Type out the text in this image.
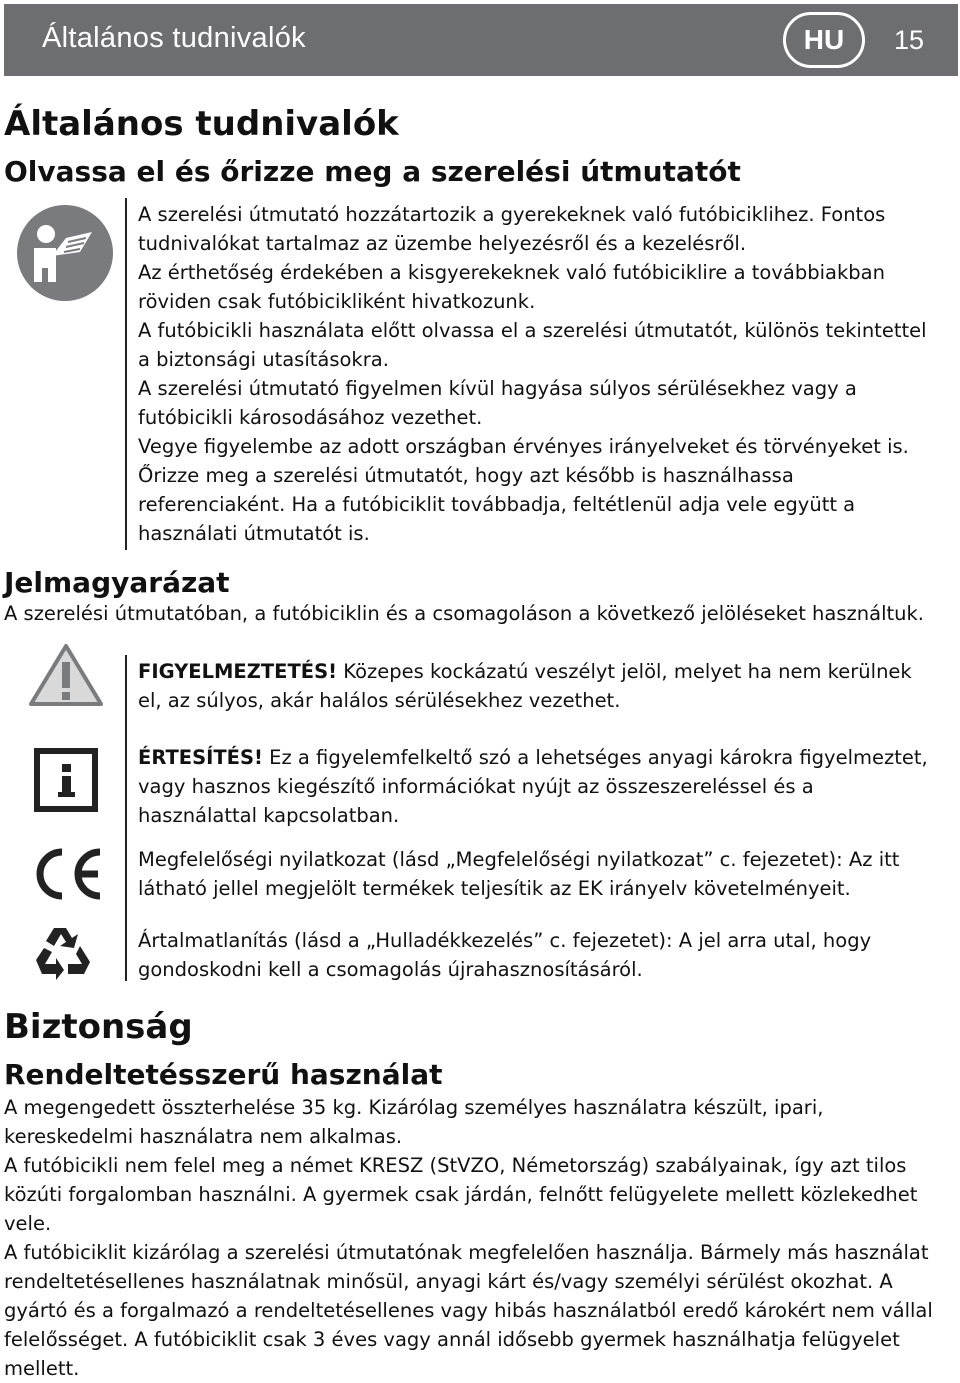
Általános tudnivalók	HU	15
Általános tudnivalók
Olvassa el és őrizze meg a szerelési útmutatót

A szerelési útmutató hozzátartozik a gyerekeknek való futóbiciklihez. Fontos tudnivalókat tartalmaz az üzembe helyezésről és a kezelésről.

Az érthetőség érdekében a kisgyerekeknek való futóbiciklire a továbbiakban röviden csak futóbicikliként hivatkozunk.

A futóbicikli használata előtt olvassa el a szerelési útmutatót, különös tekintettel a biztonsági utasításokra.

A szerelési útmutató figyelmen kívül hagyása súlyos sérülésekhez vagy a futóbicikli károsodásához vezethet.

Vegye figyelembe az adott országban érvényes irányelveket és törvényeket is.

Őrizze meg a szerelési útmutatót, hogy azt később is használhassa referenciaként. Ha a futóbiciklit továbbadja, feltétlenül adja vele együtt a használati útmutatót is.

Jelmagyarázat

A szerelési útmutatóban, a futóbiciklin és a csomagoláson a következő jelöléseket használtuk.

FIGYELMEZTETÉS! Közepes kockázatú veszélyt jelöl, melyet ha nem kerülnek el, az súlyos, akár halálos sérülésekhez vezethet.

ÉRTESÍTÉS! Ez a figyelemfelkeltő szó a lehetséges anyagi károkra figyelmeztet, vagy hasznos kiegészítő információkat nyújt az összeszereléssel és a használattal kapcsolatban.

Megfelelőségi nyilatkozat (lásd „Megfelelőségi nyilatkozat” c. fejezetet): Az itt látható jellel megjelölt termékek teljesítik az EK irányelv követelményeit.

Ártalmatlanítás (lásd a „Hulladékkezelés” c. fejezetet): A jel arra utal, hogy gondoskodni kell a csomagolás újrahasznosításáról.

Biztonság
Rendeltetésszerű használat

A megengedett összterhelése 35 kg. Kizárólag személyes használatra készült, ipari, kereskedelmi használatra nem alkalmas.

A futóbicikli nem felel meg a német KRESZ (StVZO, Németország) szabályainak, így azt tilos közúti forgalomban használni. A gyermek csak járdán, felnőtt felügyelete mellett közlekedhet vele.

A futóbiciklit kizárólag a szerelési útmutatónak megfelelően használja. Bármely más használat rendeltetésellenes használatnak minősül, anyagi kárt és/vagy személyi sérülést okozhat. A gyártó és a forgalmazó a rendeltetésellenes vagy hibás használatból eredő károkért nem vállal felelősséget. A futóbiciklit csak 3 éves vagy annál idősebb gyermek használhatja felügyelet mellett.
